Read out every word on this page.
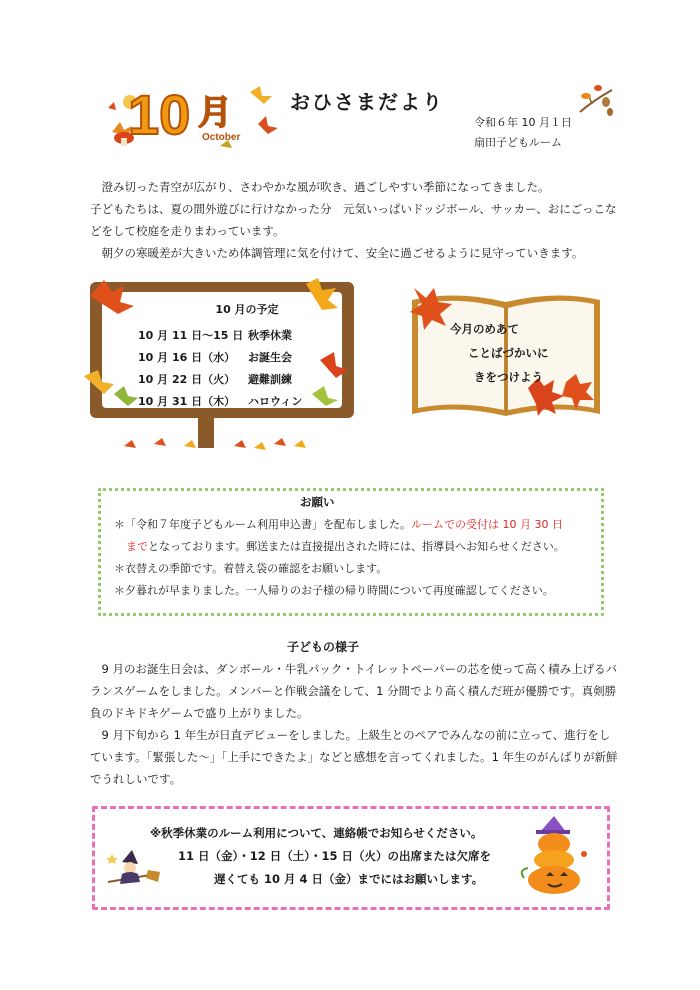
10 月
October
おひさまだより
令和６年 10 月１日
扇田子どもルーム

澄み切った青空が広がり、さわやかな風が吹き、過ごしやすい季節になってきました。

子どもたちは、夏の間外遊びに行けなかった分　元気いっぱいドッジボール、サッカー、おにごっこなどをして校庭を走りまわっています。

朝夕の寒暖差が大きいため体調管理に気を付けて、安全に過ごせるように見守っていきます。

10 月の予定
10 月 11 日〜15 日 秋季休業
10 月 16 日（水） お誕生会
10 月 22 日（火） 避難訓練
10 月 31 日（木） ハロウィン
今月のめあて
ことばづかいに
きをつけよう
お願い
＊「令和７年度子どもルーム利用申込書」を配布しました。ルームでの受付は 10 月 30 日
までとなっております。郵送または直接提出された時には、指導員へお知らせください。
＊衣替えの季節です。着替え袋の確認をお願いします。
＊夕暮れが早まりました。一人帰りのお子様の帰り時間について再度確認してください。
子どもの様子

9 月のお誕生日会は、ダンボール・牛乳パック・トイレットペーパーの芯を使って高く積み上げるバランスゲームをしました。メンバーと作戦会議をして、1 分間でより高く積んだ班が優勝です。真剣勝負のドキドキゲームで盛り上がりました。

9 月下旬から 1 年生が日直デビューをしました。上級生とのペアでみんなの前に立って、進行をしています。「緊張した〜」「上手にできたよ」などと感想を言ってくれました。1 年生のがんばりが新鮮でうれしいです。

※秋季休業のルーム利用について、連絡帳でお知らせください。
11 日（金）・12 日（土）・15 日（火）の出席または欠席を
遅くても 10 月 4 日（金）までにはお願いします。
